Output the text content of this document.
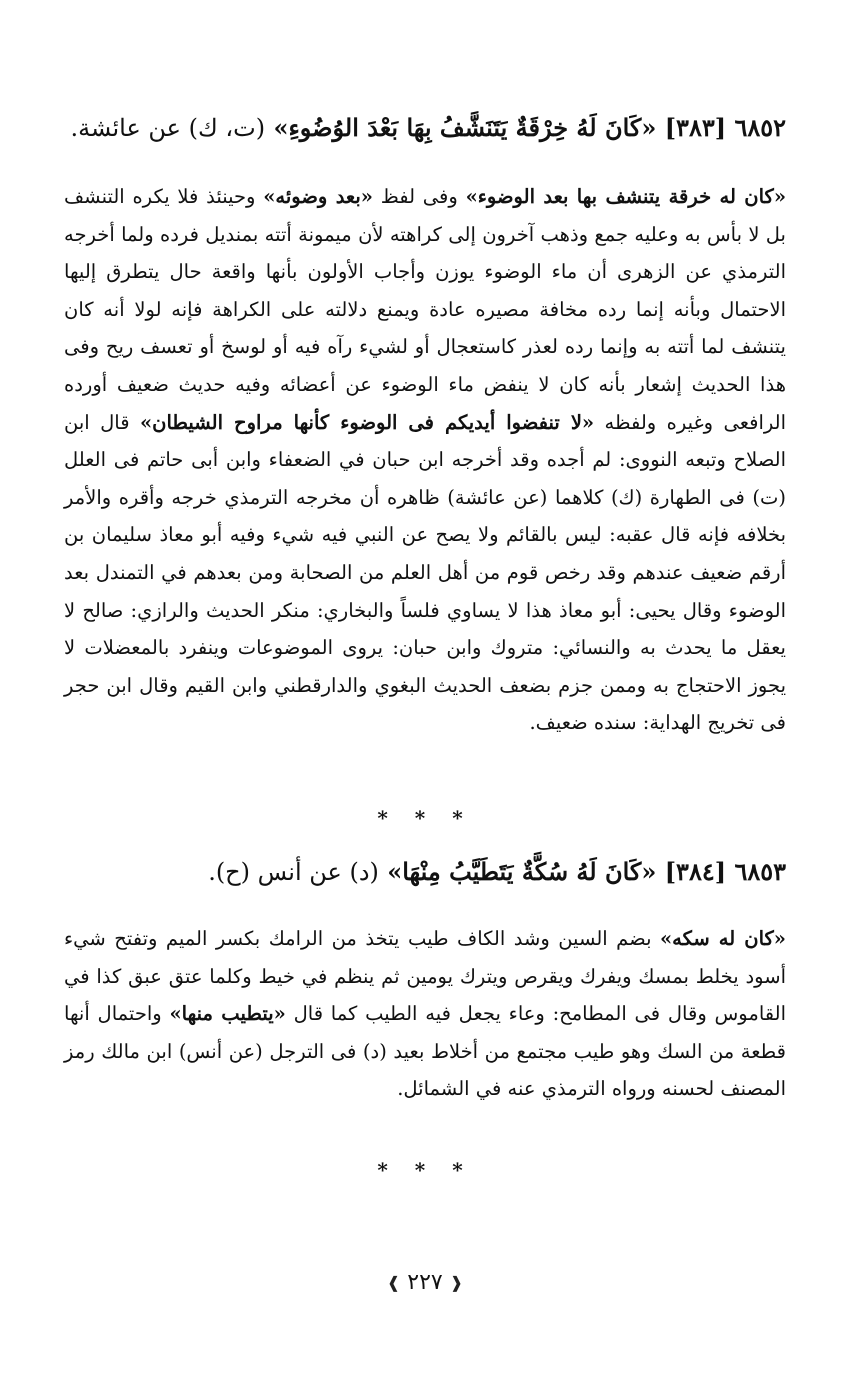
٦٨٥٢ [٣٨٣] «كَانَ لَهُ خِرْقَةٌ يَتَنَشَّفُ بِهَا بَعْدَ الوُضُوءِ» (ت، ك) عن عائشة.

«كان له خرقة يتنشف بها بعد الوضوء» وفى لفظ «بعد وضوئه» وحينئذ فلا يكره التنشف بل لا بأس به وعليه جمع وذهب آخرون إلى كراهته لأن ميمونة أتته بمنديل فرده ولما أخرجه الترمذي عن الزهرى أن ماء الوضوء يوزن وأجاب الأولون بأنها واقعة حال يتطرق إليها الاحتمال وبأنه إنما رده مخافة مصيره عادة ويمنع دلالته على الكراهة فإنه لولا أنه كان يتنشف لما أتته به وإنما رده لعذر كاستعجال أو لشيء رآه فيه أو لوسخ أو تعسف ريح وفى هذا الحديث إشعار بأنه كان لا ينفض ماء الوضوء عن أعضائه وفيه حديث ضعيف أورده الرافعى وغيره ولفظه «لا تنفضوا أيديكم فى الوضوء كأنها مراوح الشيطان» قال ابن الصلاح وتبعه النووى: لم أجده وقد أخرجه ابن حبان في الضعفاء وابن أبى حاتم فى العلل (ت) فى الطهارة (ك) كلاهما (عن عائشة) ظاهره أن مخرجه الترمذي خرجه وأقره والأمر بخلافه فإنه قال عقبه: ليس بالقائم ولا يصح عن النبي فيه شيء وفيه أبو معاذ سليمان بن أرقم ضعيف عندهم وقد رخص قوم من أهل العلم من الصحابة ومن بعدهم في التمندل بعد الوضوء وقال يحيى: أبو معاذ هذا لا يساوي فلساً والبخاري: منكر الحديث والرازي: صالح لا يعقل ما يحدث به والنسائي: متروك وابن حبان: يروى الموضوعات وينفرد بالمعضلات لا يجوز الاحتجاج به وممن جزم بضعف الحديث البغوي والدارقطني وابن القيم وقال ابن حجر فى تخريج الهداية: سنده ضعيف.

* * *
٦٨٥٣ [٣٨٤] «كَانَ لَهُ سُكَّةٌ يَتَطَيَّبُ مِنْهَا» (د) عن أنس (ح).

«كان له سكه» بضم السين وشد الكاف طيب يتخذ من الرامك بكسر الميم وتفتح شيء أسود يخلط بمسك ويفرك ويقرص ويترك يومين ثم ينظم في خيط وكلما عتق عبق كذا في القاموس وقال فى المطامح: وعاء يجعل فيه الطيب كما قال «يتطيب منها» واحتمال أنها قطعة من السك وهو طيب مجتمع من أخلاط بعيد (د) فى الترجل (عن أنس) ابن مالك رمز المصنف لحسنه ورواه الترمذي عنه في الشمائل.

* * *
❰ ٢٢٧ ❱
